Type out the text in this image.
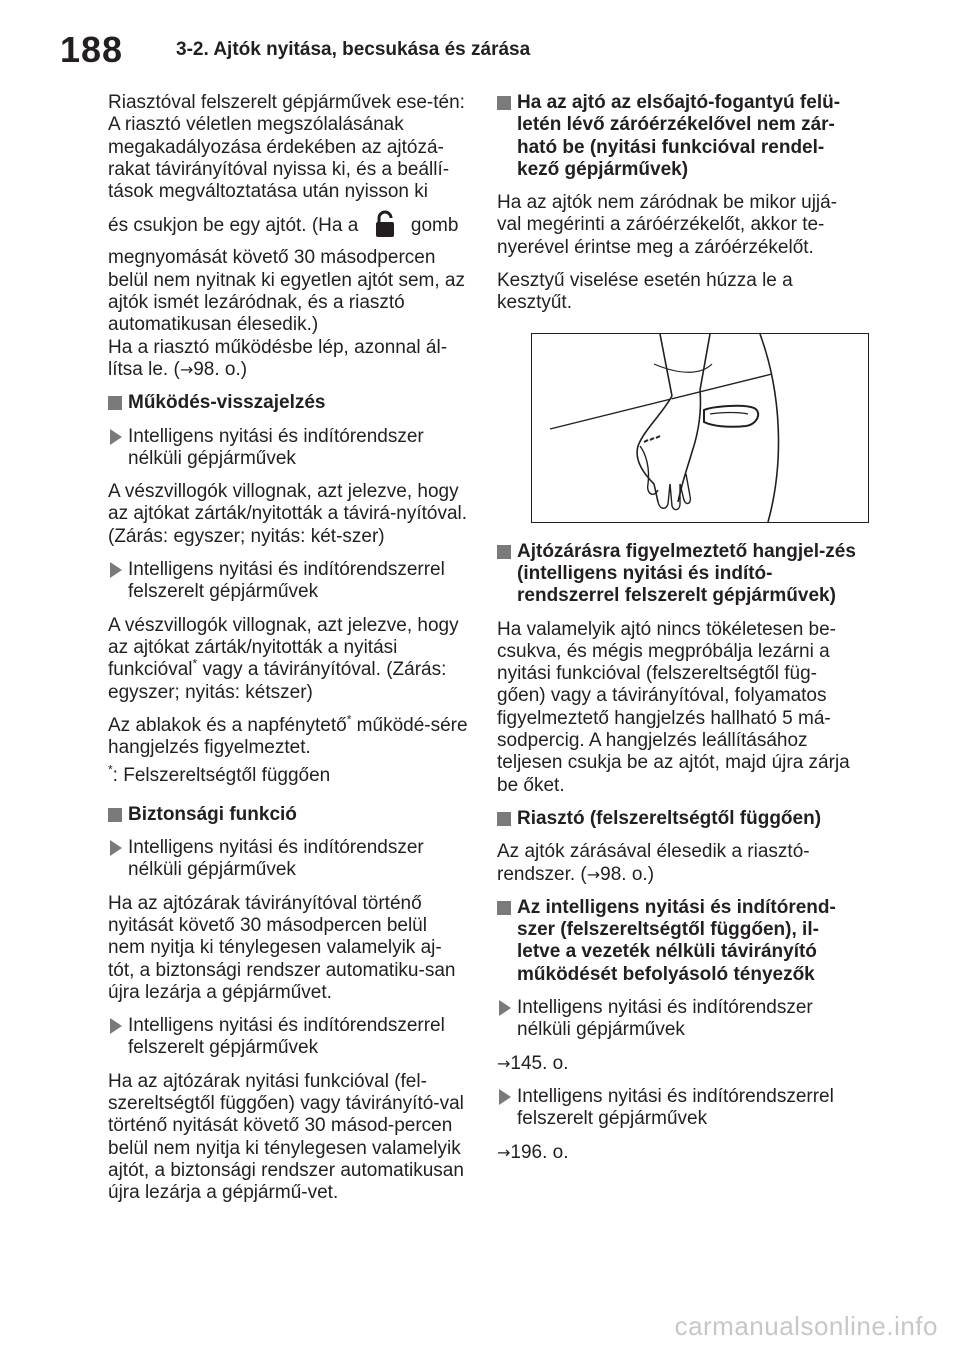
188	3-2. Ajtók nyitása, becsukása és zárása
Riasztóval felszerelt gépjárművek ese-tén: A riasztó véletlen megszólalásának megakadályozása érdekében az ajtózá-rakat távirányítóval nyissa ki, és a beállí-tások megváltoztatása után nyisson ki
és csukjon be egy ajtót. (Ha a	gomb
megnyomását követő 30 másodpercen belül nem nyitnak ki egyetlen ajtót sem, az ajtók ismét lezáródnak, és a riasztó automatikusan élesedik.)
Ha a riasztó működésbe lép, azonnal ál-lítsa le. (→98. o.)
Működés-visszajelzés
Intelligens nyitási és indítórendszer nélküli gépjárművek
A vészvillogók villognak, azt jelezve, hogy az ajtókat zárták/nyitották a távirá-nyítóval. (Zárás: egyszer; nyitás: két-szer)
Intelligens nyitási és indítórendszerrel felszerelt gépjárművek
A vészvillogók villognak, azt jelezve, hogy az ajtókat zárták/nyitották a nyitási funkcióval* vagy a távirányítóval. (Zárás: egyszer; nyitás: kétszer)
Az ablakok és a napfénytető* működé-sére hangjelzés figyelmeztet.
*: Felszereltségtől függően
Biztonsági funkció
Intelligens nyitási és indítórendszer nélküli gépjárművek
Ha az ajtózárak távirányítóval történő nyitását követő 30 másodpercen belül nem nyitja ki ténylegesen valamelyik aj-tót, a biztonsági rendszer automatiku-san újra lezárja a gépjárművet.
Intelligens nyitási és indítórendszerrel felszerelt gépjárművek
Ha az ajtózárak nyitási funkcióval (fel-szereltségtől függően) vagy távirányító-val történő nyitását követő 30 másod-percen belül nem nyitja ki ténylegesen valamelyik ajtót, a biztonsági rendszer automatikusan újra lezárja a gépjármű-vet.
Ha az ajtó az elsőajtó-fogantyú felü-letén lévő záróérzékelővel nem zár-ható be (nyitási funkcióval rendel-kező gépjárművek)
Ha az ajtók nem záródnak be mikor ujjá-val megérinti a záróérzékelőt, akkor te-nyerével érintse meg a záróérzékelőt.
Kesztyű viselése esetén húzza le a kesztyűt.
Ajtózárásra figyelmeztető hangjel-zés (intelligens nyitási és indító-rendszerrel felszerelt gépjárművek)
Ha valamelyik ajtó nincs tökéletesen be-csukva, és mégis megpróbálja lezárni a nyitási funkcióval (felszereltségtől füg-gően) vagy a távirányítóval, folyamatos figyelmeztető hangjelzés hallható 5 má-sodpercig. A hangjelzés leállításához teljesen csukja be az ajtót, majd újra zárja be őket.
Riasztó (felszereltségtől függően)
Az ajtók zárásával élesedik a riasztó-rendszer. (→98. o.)
Az intelligens nyitási és indítórend-szer (felszereltségtől függően), il-letve a vezeték nélküli távirányító működését befolyásoló tényezők
Intelligens nyitási és indítórendszer nélküli gépjárművek
→145. o.
Intelligens nyitási és indítórendszerrel felszerelt gépjárművek
→196. o.
carmanualsonline.info
